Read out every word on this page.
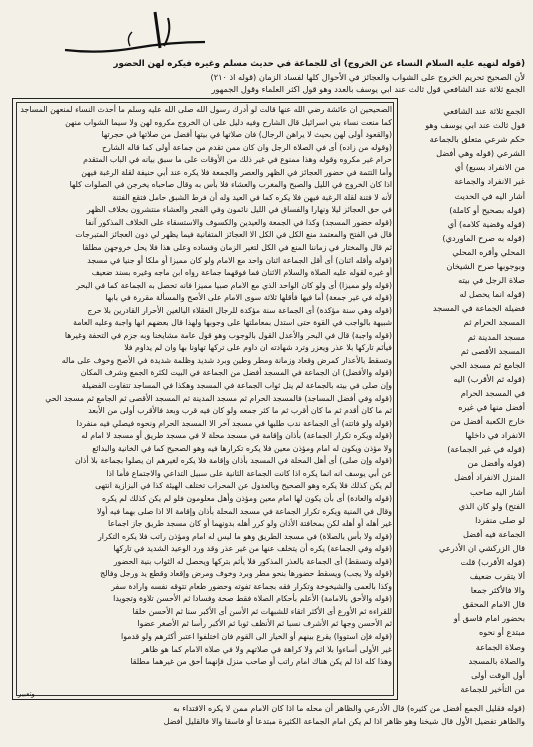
(قوله لنهيه عليه السلام النساء عن الخروج) أى للجماعة في حديث مسلم وغيره فيكره لهن الحضور
لأن الصحيح تحريم الخروج على الشواب والعجائز في الأحوال كلها لفساد الزمان (قوله اذ ٢١٠)
الجمع ثلاثة عند الشافعي قول ثالث عند ابي يوسف بالعدد وهو قول اكثر العلماء وقول الجمهور
الصحيحين ان عائشة رضي الله عنها قالت لو أدرك رسول الله صلى الله عليه وسلم ما أحدث النساء لمنعهن المساجد
كما منعت نساء بني اسرائيل قال الشارح وفيه دليل على ان الخروج مكروه لهن ولا سيما الشواب منهن
(والقعود أولى لهن بحيث لا يراهن الرجال) فان صلاتها في بيتها أفضل من صلاتها في حجرتها
(وقوله من زاده) أى في الصلاة الرجل وان كان ممن تقدم من جماعة أولى كما قاله الشارح
حرام غير مكروه وقوله وهذا ممنوع في غير ذلك من الأوقات على ما سبق بيانه في الباب المتقدم
وأما التتمة في حضور العجائز في الظهر والعصر والجمعة فلا يكره عند أبي حنيفة لقلة الرغبة فيهن
اذا كان الخروج في الليل والصبح والمغرب والعشاء فلا بأس به وقال صاحباه يخرجن في الصلوات كلها
لأنه لا فتنة لقلة الرغبة فيهن فلا يكره كما في العيد وله أن فرط الشبق حامل فتقع الفتنة
في حق العجائز ليلا ونهارا والفساق في الليل نائمون وفي الفجر والعشاء منتشرون بخلاف الظهر
(قوله حضور المسجد) وكذا في الجمعة والعيدين والكسوف والاستسقاء على الخلاف المذكور آنفا
قال في الفتح والمعتمد منع الكل في الكل الا العجائز المتفانية فيما يظهر لي دون العجائز المتبرجات
ثم قال والمختار في زماننا المنع في الكل لتغير الزمان وفساده وعلى هذا فلا يحل خروجهن مطلقا
(قوله وأقله اثنان) أى أقل الجماعة اثنان واحد مع الامام ولو كان مميزا أو ملكا أو جنيا في مسجد
أو غيره لقوله عليه الصلاة والسلام الاثنان فما فوقهما جماعة رواه ابن ماجه وغيره بسند ضعيف
(قوله ولو مميزا) أى ولو كان الواحد الذي مع الامام صبيا مميزا فانه تحصل به الجماعة كما في البحر
(قوله في غير جمعة) أما فيها فأقلها ثلاثة سوى الامام على الأصح والمسألة مقررة في بابها
(قوله وهي سنة مؤكدة) أى الجماعة سنة مؤكدة للرجال العقلاء البالغين الأحرار القادرين بلا حرج
شبيهة بالواجب في القوة حتى استدل بمعاملتها على وجوبها ولهذا قال بعضهم انها واجبة وعليه العامة
(قوله واجبة) قال في البحر والأعدل القول بالوجوب وهو قول عامة مشايخنا وبه جزم في التحفة وغيرها
فيأثم تاركها بلا عذر ويعزر وترد شهادته ان داوم على تركها تهاونا بها وان لم يداوم فلا
وتسقط بالأعذار كمرض وقعاد وزمانة ومطر وطين وبرد شديد وظلمة شديدة في الأصح وخوف على ماله
(قوله والأفضل) ان الجماعة في المسجد أفضل من الجماعة في البيت لكثرة الجمع وشرف المكان
وإن صلى في بيته بالجماعة لم ينل ثواب الجماعة في المسجد وهكذا في المساجد تتفاوت الفضيلة
(قوله وفي أفضل المساجد) فالمسجد الحرام ثم مسجد المدينة ثم المسجد الأقصى ثم الجامع ثم مسجد الحي
ثم ما كان أقدم ثم ما كان أقرب ثم ما كثر جمعه ولو كان فيه قرب وبعد فالأقرب أولى من الأبعد
(قوله ولو فاتته) أى الجماعة ندب طلبها في مسجد آخر الا المسجد الحرام ونحوه فيصلي فيه منفردا
(قوله ويكره تكرار الجماعة) بأذان وإقامة في مسجد محلة لا في مسجد طريق أو مسجد لا امام له
ولا مؤذن ويكون له امام ومؤذن معين فلا يكره تكرارها فيه وهو الصحيح كما في الخانية والبدائع
(قوله وإن صلى) أى أهل المحلة في المسجد بأذان وإقامة فلا يكره لغيرهم ان يصلوا بجماعة بلا أذان
عن أبي يوسف انه انما يكره اذا كانت الجماعة الثانية على سبيل التداعي والاجتماع فأما اذا
لم يكن كذلك فلا يكره وهو الصحيح وبالعدول عن المحراب تختلف الهيئة كذا في البزازية انتهى
(قوله والعادة) أى بأن يكون لها امام معين ومؤذن وأهل معلومون فلو لم يكن كذلك لم يكره
وقال في المنية ويكره تكرار الجماعة في مسجد المحلة بأذان وإقامة الا اذا صلى بهما فيه أولا
غير أهله أو أهله لكن بمخافتة الأذان ولو كرر أهله بدونهما أو كان مسجد طريق جاز اجماعا
(قوله ولا بأس بالصلاة) في مسجد الطريق وهو ما ليس له امام ومؤذن راتب فلا يكره التكرار
(قوله وفي الجماعة) يكره أن يتخلف عنها من غير عذر وقد ورد الوعيد الشديد في تاركها
(قوله وتسقط) أى الجماعة بالعذر المذكور فلا يأثم بتركها ويحصل له الثواب بنية الحضور
(قوله ولا يجب) ويسقط حضورها بنحو مطر وبرد وخوف ومرض وإقعاد وقطع يد ورجل وفالج
وكذا بالعمى والشيخوخة وتكرار فقه بجماعة تفوته وحضور طعام تتوقه نفسه وارادة سفر
(قوله والأحق بالامامة) الأعلم بأحكام الصلاة فقط صحة وفسادا ثم الأحسن تلاوة وتجويدا
للقراءة ثم الأورع أى الأكثر اتقاء للشبهات ثم الأسن أى الأكبر سنا ثم الأحسن خلقا
ثم الأحسن وجها ثم الأشرف نسبا ثم الأنظف ثوبا ثم الأكبر رأسا ثم الأصغر عضوا
(قوله فإن استووا) يقرع بينهم أو الخيار الى القوم فان اختلفوا اعتبر أكثرهم ولو قدموا
غير الأولى أساءوا بلا اثم ولا كراهة في صلاتهم ولا في صلاة الامام كما هو ظاهر
وهذا كله اذا لم يكن هناك امام راتب أو صاحب منزل فإنهما أحق من غيرهما مطلقا
الجمع ثلاثة عند الشافعي
قول ثالث عند ابي يوسف وهو
حكم شرعي متعلق بالجماعة
الشرعي (قوله وهي أفضل
من الانفراد بسبع) أي
غير الانفراد والجماعة
أشار اليه في الحديث
(قوله بصحيح أو كاملة)
(قوله وقضية كلامه) أي
(قوله به صرح الماوردي)
المحلي وأقره المحلي
وبوجوبها صرح الشيخان
صلاة الرجل في بيته
(قوله انما يحصل له
فضيلة الجماعة في المسجد
المسجد الحرام ثم
مسجد المدينة ثم
المسجد الأقصى ثم
الجامع ثم مسجد الحي
(قوله ثم الأقرب) اليه
في المسجد الحرام
أفضل منها في غيره
خارج الكعبة أفضل من
الانفراد في داخلها
(قوله في غير الجماعة)
(قوله وأفضل من
المنزل الانفراد أفضل
أشار اليه صاحب
الفتح) ولو كان الذي
لو صلى منفردا
الجماعة فيه أفضل
قال الزركشي ان الأذرعي
(قوله الأقرب) قلت
ألا يتقرب ضعيف
والا فالأكثر جمعا
قال الامام المحقق
بحضور امام فاسق أو
مبتدع أو نحوه
وصلاة الجماعة
والصلاة بالمسجد
أول الوقت أولى
من التأخير للجماعة
(قوله فقليل الجمع أفضل من كثيره) قال الأذرعي والظاهر أن محله ما اذا كان الامام ممن لا يكره الاقتداء به
والظاهر تفضيل الأول قال شيخنا وهو ظاهر اذا لم يكن امام الجماعة الكثيرة مبتدعا أو فاسقا والا فالقليل أفضل
وتعبير
